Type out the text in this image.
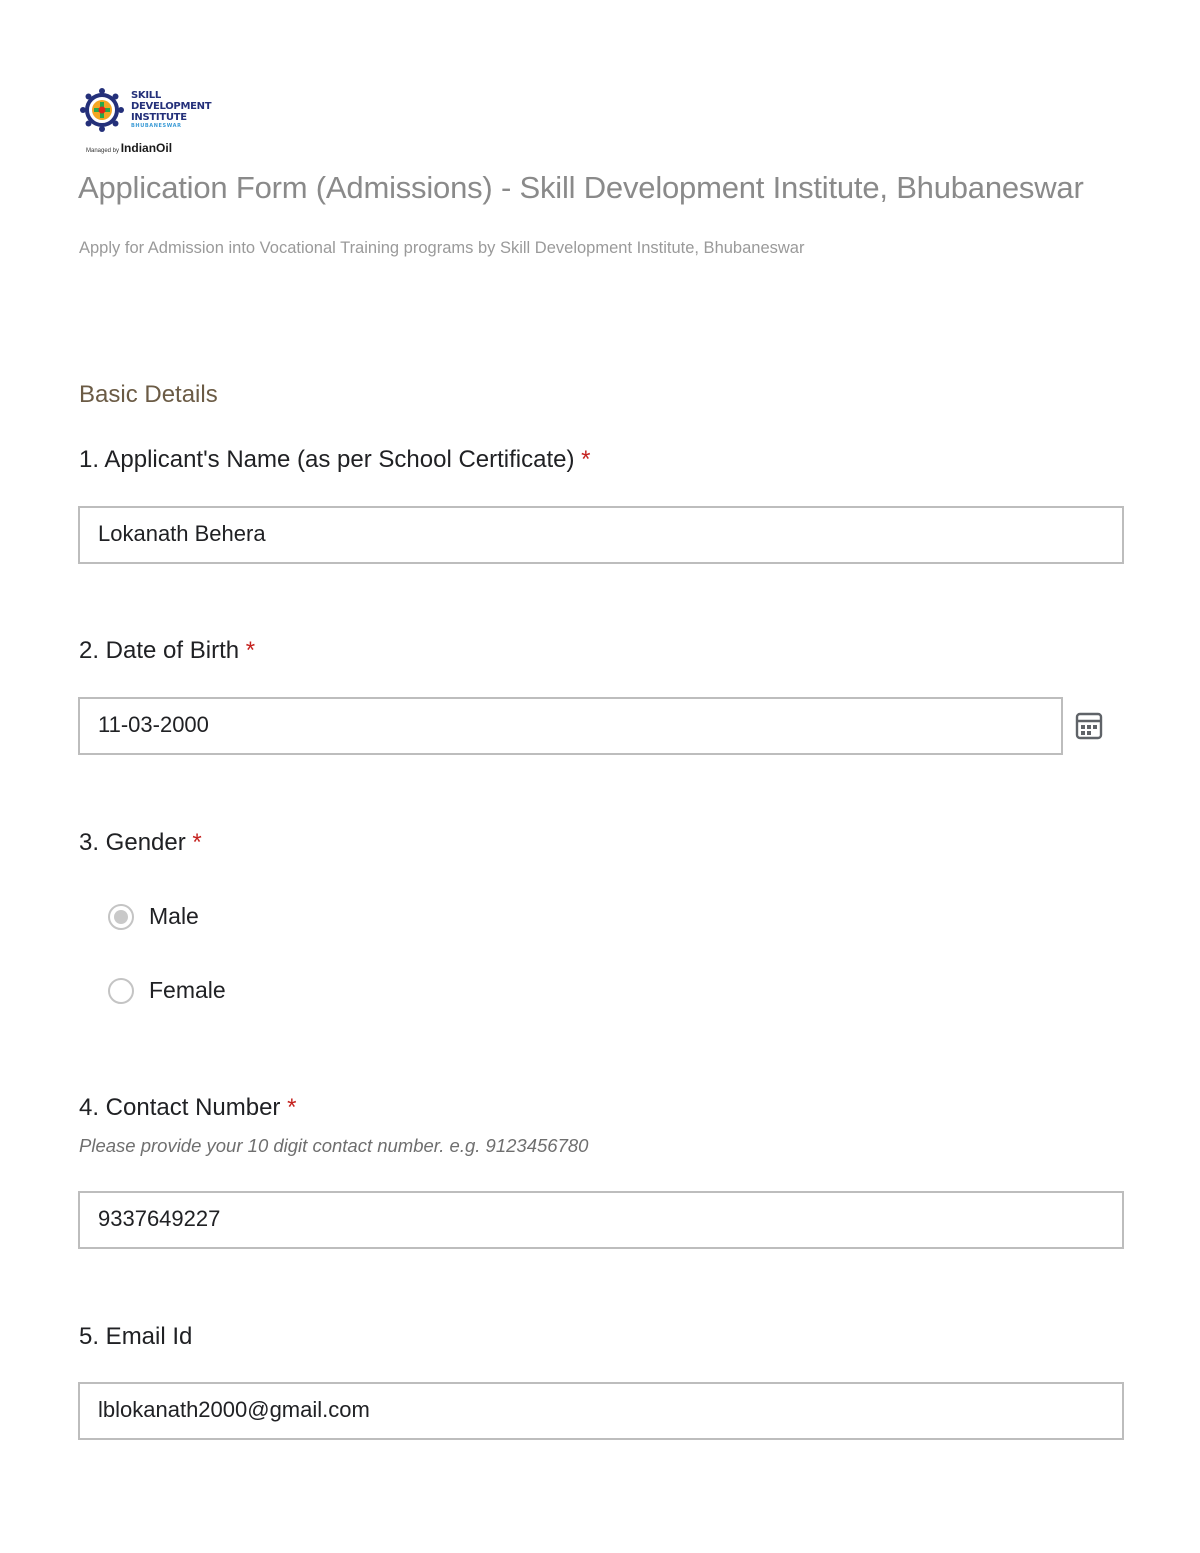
SKILL
DEVELOPMENT
INSTITUTE
BHUBANESWAR
Managed by IndianOil
Application Form (Admissions) - Skill Development Institute, Bhubaneswar
Apply for Admission into Vocational Training programs by Skill Development Institute, Bhubaneswar
Basic Details
1. Applicant's Name (as per School Certificate) *
Lokanath Behera
2. Date of Birth *
11-03-2000
3. Gender *
Male
Female
4. Contact Number *
Please provide your 10 digit contact number. e.g. 9123456780
9337649227
5. Email Id
lblokanath2000@gmail.com
